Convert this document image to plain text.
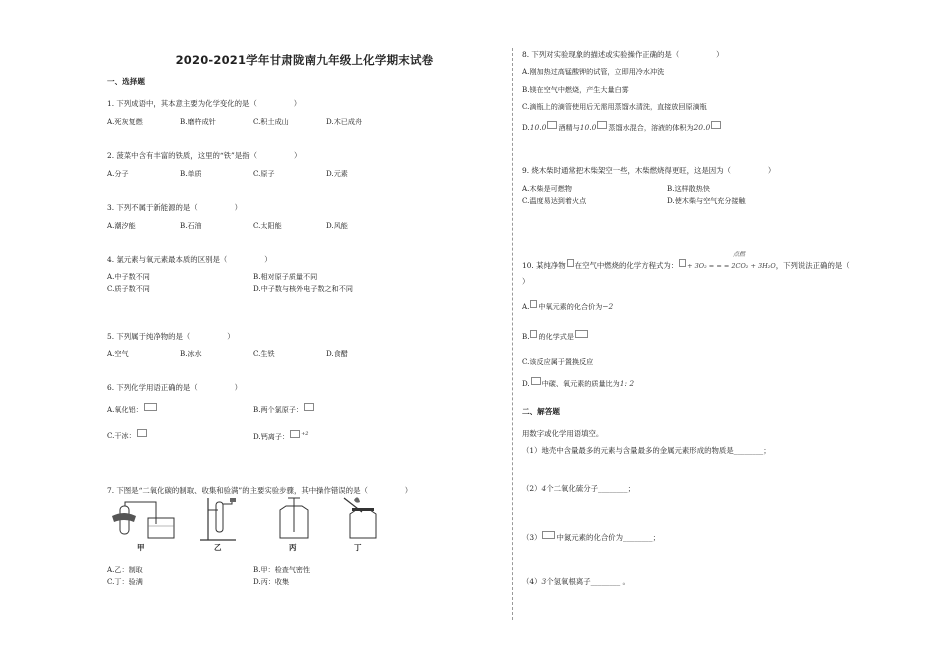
2020-2021学年甘肃陇南九年级上化学期末试卷
一、选择题
1. 下列成语中，其本意主要为化学变化的是（　　　　　）
A.死灰复燃	B.磨杵成针	C.积土成山	D.木已成舟
2. 菠菜中含有丰富的铁质，这里的“铁”是指（　　　　　）
A.分子	B.单质	C.原子	D.元素
3. 下列不属于新能源的是（　　　　　）
A.潮汐能	B.石油	C.太阳能	D.风能
4. 氯元素与氧元素最本质的区别是（　　　　　）
A.中子数不同	B.相对原子质量不同
C.质子数不同	D.中子数与核外电子数之和不同
5. 下列属于纯净物的是（　　　　　）
A.空气	B.冰水	C.生铁	D.食醋
6. 下列化学用语正确的是（　　　　　）
A.氧化铝：	B.两个氯原子：
C.干冰：	D.钙离子： $^{+2}$
7. 下图是“二氧化碳的制取、收集和验满”的主要实验步骤，其中操作错误的是（　　　　　）
甲	乙	丙	丁
A.乙：制取	B.甲：检查气密性
C.丁：验满	D.丙：收集
8. 下列对实验现象的描述或实验操作正确的是（　　　　　）
A.刚加热过高锰酸钾的试管，立即用冷水冲洗
B.镁在空气中燃烧，产生大量白雾
C.滴瓶上的滴管使用后无需用蒸馏水清洗，直接放回原滴瓶
D.10.0 酒精与10.0 蒸馏水混合，溶液的体积为20.0
9. 烧木柴时通常把木柴架空一些，木柴燃烧得更旺，这是因为（　　　　　）
A.木柴是可燃物	B.这样散热快
C.温度易达到着火点	D.使木柴与空气充分接触
点燃
10. 某纯净物 在空气中燃烧的化学方程式为： + 3O₂ = = = 2CO₂ + 3H₂O，下列说法正确的是（
）
A. 中氧元素的化合价为−2
B. 的化学式是
C.该反应属于置换反应
D. 中碳、氧元素的质量比为1: 2
二、解答题
用数字或化学用语填空。
（1）地壳中含量最多的元素与含量最多的金属元素形成的物质是________；
（2）4个二氧化硫分子________；
（3） 中氮元素的化合价为________；
（4）3个氢氧根离子________ 。
